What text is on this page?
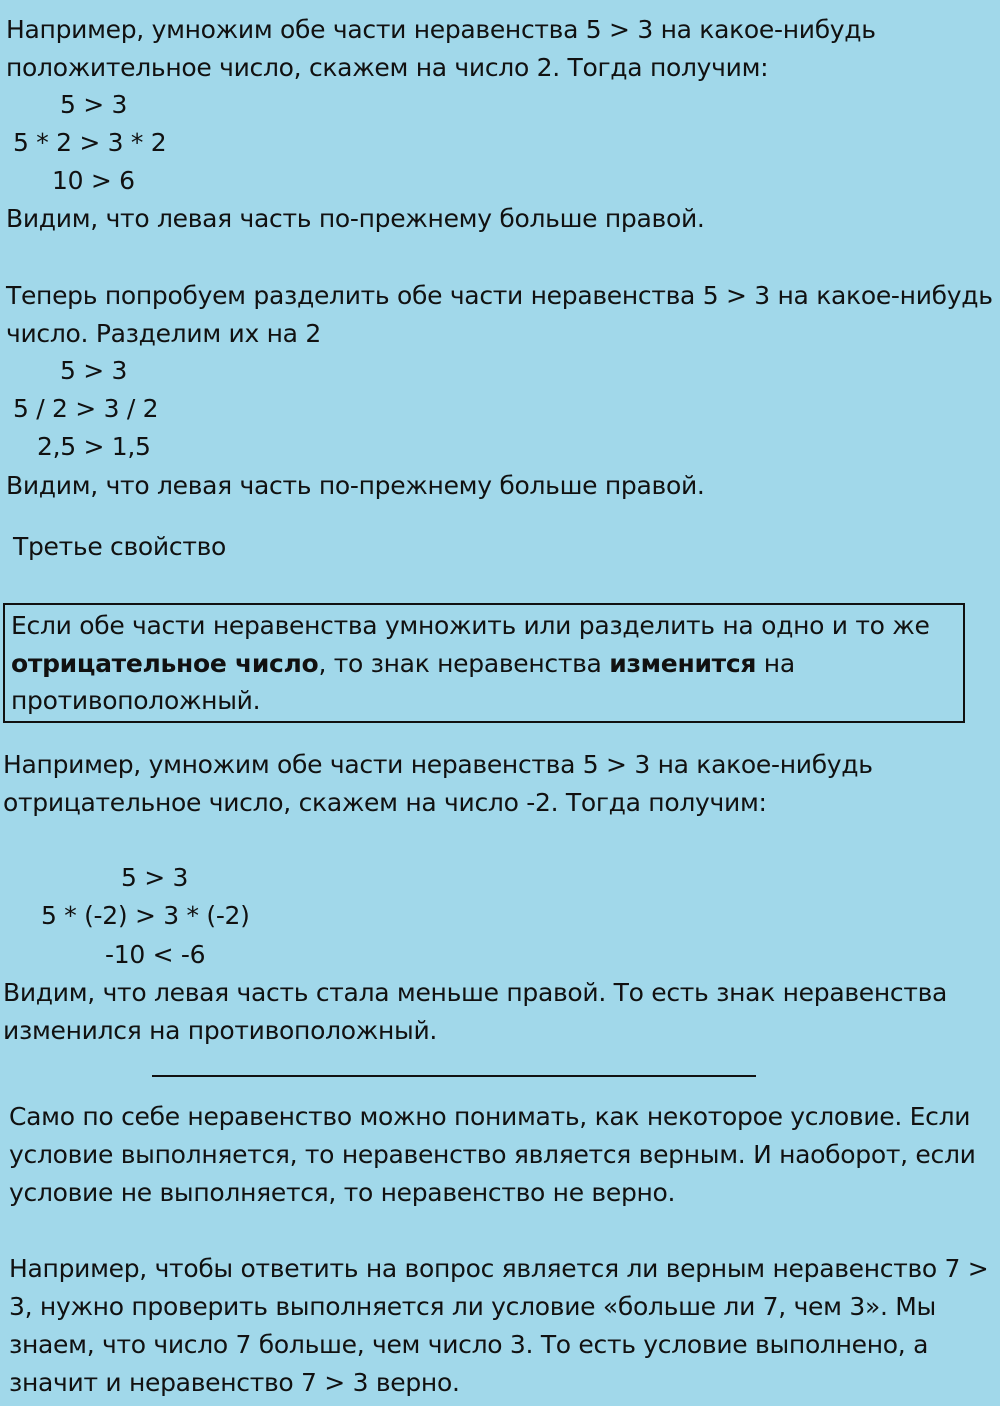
Например, умножим обе части неравенства 5 > 3 на какое-нибудь
положительное число, скажем на число 2. Тогда получим:
5 > 3
5 * 2 > 3 * 2
10 > 6
Видим, что левая часть по-прежнему больше правой.
Теперь попробуем разделить обе части неравенства 5 > 3 на какое-нибудь
число. Разделим их на 2
5 > 3
5 / 2 > 3 / 2
2,5 > 1,5
Видим, что левая часть по-прежнему больше правой.
Третье свойство
Если обе части неравенства умножить или разделить на одно и то же
отрицательное число, то знак неравенства изменится на
противоположный.
Например, умножим обе части неравенства 5 > 3 на какое-нибудь
отрицательное число, скажем на число -2. Тогда получим:
5 > 3
5 * (-2) > 3 * (-2)
-10 < -6
Видим, что левая часть стала меньше правой. То есть знак неравенства
изменился на противоположный.
Само по себе неравенство можно понимать, как некоторое условие. Если
условие выполняется, то неравенство является верным. И наоборот, если
условие не выполняется, то неравенство не верно.
Например, чтобы ответить на вопрос является ли верным неравенство 7 >
3, нужно проверить выполняется ли условие «больше ли 7, чем 3». Мы
знаем, что число 7 больше, чем число 3. То есть условие выполнено, а
значит и неравенство 7 > 3 верно.
